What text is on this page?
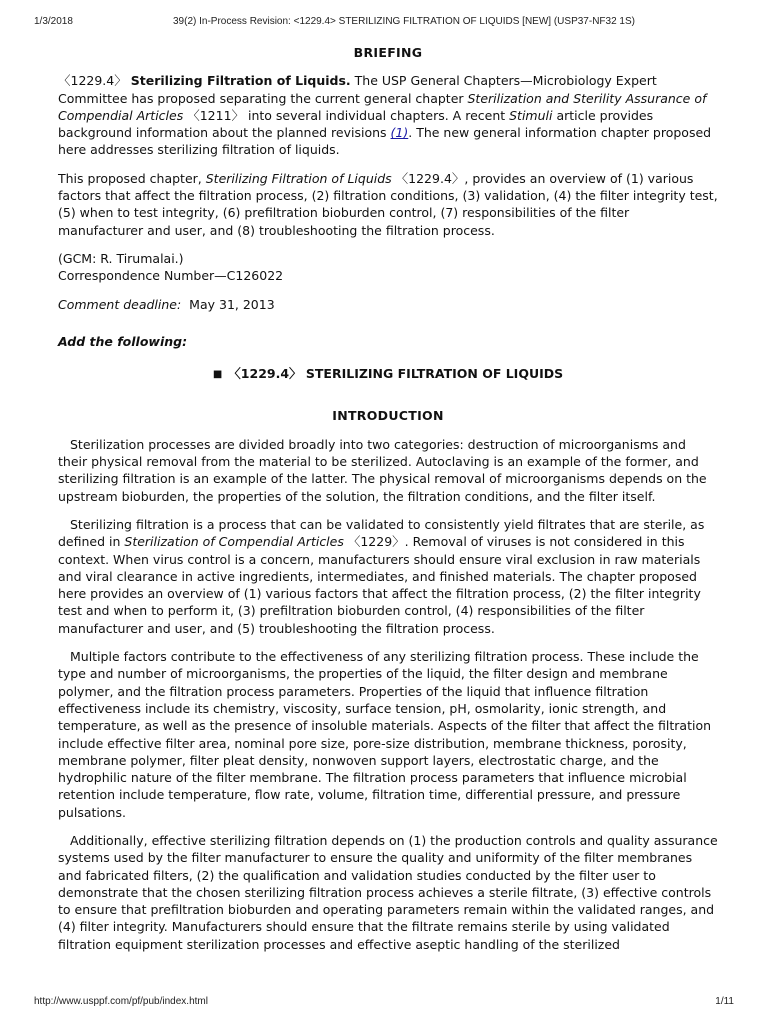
1/3/2018	39(2) In-Process Revision: <1229.4> STERILIZING FILTRATION OF LIQUIDS [NEW] (USP37-NF32 1S)

BRIEFING

〈1229.4〉 Sterilizing Filtration of Liquids. The USP General Chapters—Microbiology Expert Committee has proposed separating the current general chapter Sterilization and Sterility Assurance of Compendial Articles 〈1211〉 into several individual chapters. A recent Stimuli article provides background information about the planned revisions (1). The new general information chapter proposed here addresses sterilizing filtration of liquids.

This proposed chapter, Sterilizing Filtration of Liquids 〈1229.4〉, provides an overview of (1) various factors that affect the filtration process, (2) filtration conditions, (3) validation, (4) the filter integrity test, (5) when to test integrity, (6) prefiltration bioburden control, (7) responsibilities of the filter manufacturer and user, and (8) troubleshooting the filtration process.

(GCM: R. Tirumalai.)

Correspondence Number—C126022

Comment deadline: May 31, 2013

Add the following:

■ 〈1229.4〉 STERILIZING FILTRATION OF LIQUIDS

INTRODUCTION

Sterilization processes are divided broadly into two categories: destruction of microorganisms and their physical removal from the material to be sterilized. Autoclaving is an example of the former, and sterilizing filtration is an example of the latter. The physical removal of microorganisms depends on the upstream bioburden, the properties of the solution, the filtration conditions, and the filter itself.

Sterilizing filtration is a process that can be validated to consistently yield filtrates that are sterile, as defined in Sterilization of Compendial Articles 〈1229〉. Removal of viruses is not considered in this context. When virus control is a concern, manufacturers should ensure viral exclusion in raw materials and viral clearance in active ingredients, intermediates, and finished materials. The chapter proposed here provides an overview of (1) various factors that affect the filtration process, (2) the filter integrity test and when to perform it, (3) prefiltration bioburden control, (4) responsibilities of the filter manufacturer and user, and (5) troubleshooting the filtration process.

Multiple factors contribute to the effectiveness of any sterilizing filtration process. These include the type and number of microorganisms, the properties of the liquid, the filter design and membrane polymer, and the filtration process parameters. Properties of the liquid that influence filtration effectiveness include its chemistry, viscosity, surface tension, pH, osmolarity, ionic strength, and temperature, as well as the presence of insoluble materials. Aspects of the filter that affect the filtration include effective filter area, nominal pore size, pore-size distribution, membrane thickness, porosity, membrane polymer, filter pleat density, nonwoven support layers, electrostatic charge, and the hydrophilic nature of the filter membrane. The filtration process parameters that influence microbial retention include temperature, flow rate, volume, filtration time, differential pressure, and pressure pulsations.

Additionally, effective sterilizing filtration depends on (1) the production controls and quality assurance systems used by the filter manufacturer to ensure the quality and uniformity of the filter membranes and fabricated filters, (2) the qualification and validation studies conducted by the filter user to demonstrate that the chosen sterilizing filtration process achieves a sterile filtrate, (3) effective controls to ensure that prefiltration bioburden and operating parameters remain within the validated ranges, and (4) filter integrity. Manufacturers should ensure that the filtrate remains sterile by using validated filtration equipment sterilization processes and effective aseptic handling of the sterilized

http://www.usppf.com/pf/pub/index.html	1/11
